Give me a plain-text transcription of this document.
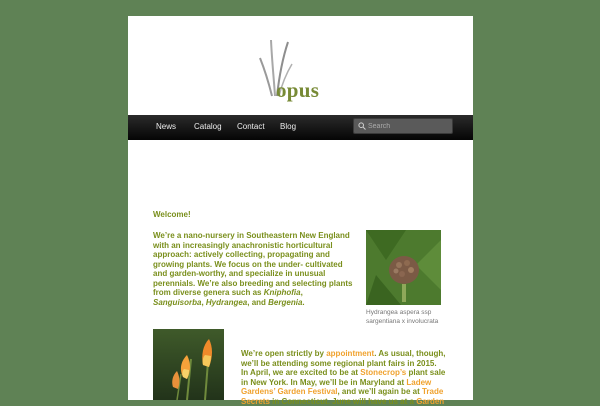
opus
News Catalog Contact Blog
Search
Welcome!
We’re a nano-nursery in Southeastern New England
with an increasingly anachronistic horticultural
approach: actively collecting, propagating and
growing plants. We focus on the under- cultivated
and garden-worthy, and specialize in unusual
perennials. We’re also breeding and selecting plants
from diverse genera such as Kniphofia,
Sanguisorba, Hydrangea, and Bergenia.
Hydrangea aspera ssp
sargentiana x involucrata
We’re open strictly by appointment. As usual, though,
we’ll be attending some regional plant fairs in 2015.
In April, we are excited to be at Stonecrop’s plant sale
in New York. In May, we’ll be in Maryland at Ladew
Gardens’ Garden Festival, and we’ll again be at Trade
Secrets in Connecticut. June will have us at a Garden
